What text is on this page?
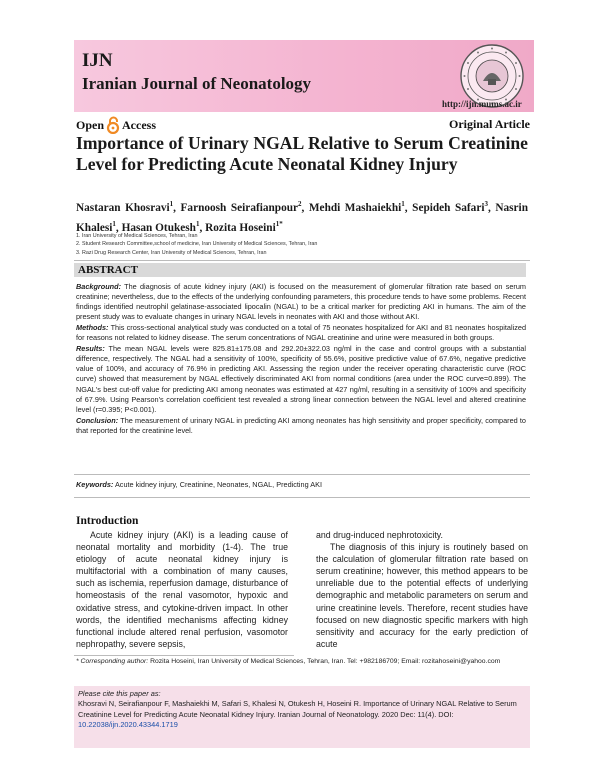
IJN
Iranian Journal of Neonatology
http://ijn.mums.ac.ir
Open Access	Original Article
Importance of Urinary NGAL Relative to Serum Creatinine Level for Predicting Acute Neonatal Kidney Injury
Nastaran Khosravi$^1$, Farnoosh Seirafianpour$^2$, Mehdi Mashaiekhi$^1$, Sepideh Safari$^3$, Nasrin Khalesi$^1$, Hasan Otukesh$^1$, Rozita Hoseini$^{1*}$
1. Iran University of Medical Sciences, Tehran, Iran
2. Student Research Committee,school of medicine, Iran University of Medical Sciences, Tehran, Iran
3. Razi Drug Research Center, Iran University of Medical Sciences, Tehran, Iran
ABSTRACT

Background: The diagnosis of acute kidney injury (AKI) is focused on the measurement of glomerular filtration rate based on serum creatinine; nevertheless, due to the effects of the underlying confounding parameters, this procedure tends to have some problems. Recent findings identified neutrophil gelatinase-associated lipocalin (NGAL) to be a critical marker for predicting AKI in humans. The aim of the present study was to evaluate changes in urinary NGAL levels in neonates with AKI and those without AKI.

Methods: This cross-sectional analytical study was conducted on a total of 75 neonates hospitalized for AKI and 81 neonates hospitalized for reasons not related to kidney disease. The serum concentrations of NGAL creatinine and urine were measured in both groups.

Results: The mean NGAL levels were 825.81±175.08 and 292.20±322.03 ng/ml in the case and control groups with a substantial difference, respectively. The NGAL had a sensitivity of 100%, specificity of 55.6%, positive predictive value of 67.6%, negative predictive value of 100%, and accuracy of 76.9% in predicting AKI. Assessing the region under the receiver operating characteristic curve (ROC curve) showed that measurement by NGAL effectively discriminated AKI from normal conditions (area under the ROC curve=0.899). The NGAL's best cut-off value for predicting AKI among neonates was estimated at 427 ng/ml, resulting in a sensitivity of 100% and specificity of 67.9%. Using Pearson's correlation coefficient test revealed a strong linear connection between the NGAL level and altered creatinine level (r=0.395; P<0.001).

Conclusion: The measurement of urinary NGAL in predicting AKI among neonates has high sensitivity and proper specificity, compared to that reported for the creatinine level.

Keywords: Acute kidney injury, Creatinine, Neonates, NGAL, Predicting AKI
Introduction

Acute kidney injury (AKI) is a leading cause of neonatal mortality and morbidity (1-4). The true etiology of acute neonatal kidney injury is multifactorial with a combination of many causes, such as ischemia, reperfusion damage, disturbance of homeostasis of the renal vasomotor, hypoxic and oxidative stress, and cytokine-driven impact. In other words, the identified mechanisms affecting kidney functional include altered renal perfusion, vasomotor nephropathy, severe sepsis,

and drug-induced nephrotoxicity.

The diagnosis of this injury is routinely based on the calculation of glomerular filtration rate based on serum creatinine; however, this method appears to be unreliable due to the potential effects of underlying demographic and metabolic parameters on serum and urine creatinine levels. Therefore, recent studies have focused on new diagnostic specific markers with high sensitivity and accuracy for the early prediction of acute

* Corresponding author: Rozita Hoseini, Iran University of Medical Sciences, Tehran, Iran. Tel: +98218670​9; Email: rozitahoseini@yahoo.com
Please cite this paper as:
Khosravi N, Seirafianpour F, Mashaiekhi M, Safari S, Khalesi N, Otukesh H, Hoseini R. Importance of Urinary NGAL Relative to Serum Creatinine Level for Predicting Acute Neonatal Kidney Injury. Iranian Journal of Neonatology. 2020 Dec: 11(4). DOI: 10.22038/ijn.2020.43344.1719
